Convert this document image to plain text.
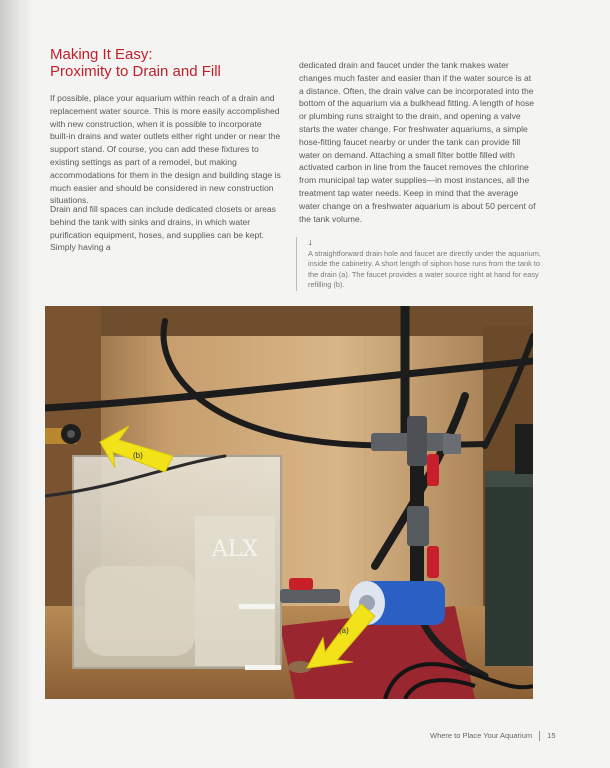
Making It Easy:
Proximity to Drain and Fill

If possible, place your aquarium within reach of a drain and replacement water source. This is more easily accomplished with new construction, when it is possible to incorporate built-in drains and water outlets either right under or near the support stand. Of course, you can add these fixtures to existing settings as part of a remodel, but making accommodations for them in the design and building stage is much easier and should be considered in new construction situations.

Drain and fill spaces can include dedicated closets or areas behind the tank with sinks and drains, in which water purification equipment, hoses, and supplies can be kept. Simply having a

dedicated drain and faucet under the tank makes water changes much faster and easier than if the water source is at a distance. Often, the drain valve can be incorporated into the bottom of the aquarium via a bulkhead fitting. A length of hose or plumbing runs straight to the drain, and opening a valve starts the water change. For freshwater aquariums, a simple hose-fitting faucet nearby or under the tank can provide fill water on demand. Attaching a small filter bottle filled with activated carbon in line from the faucet removes the chlorine from municipal tap water supplies—in most instances, all the treatment tap water needs. Keep in mind that the average water change on a freshwater aquarium is about 50 percent of the tank volume.

↓

A straightforward drain hole and faucet are directly under the aquarium, inside the cabinetry. A short length of siphon hose runs from the tank to the drain (a). The faucet provides a water source right at hand for easy refilling (b).

ALX
(b)
(a)
Where to Place Your Aquarium 15
